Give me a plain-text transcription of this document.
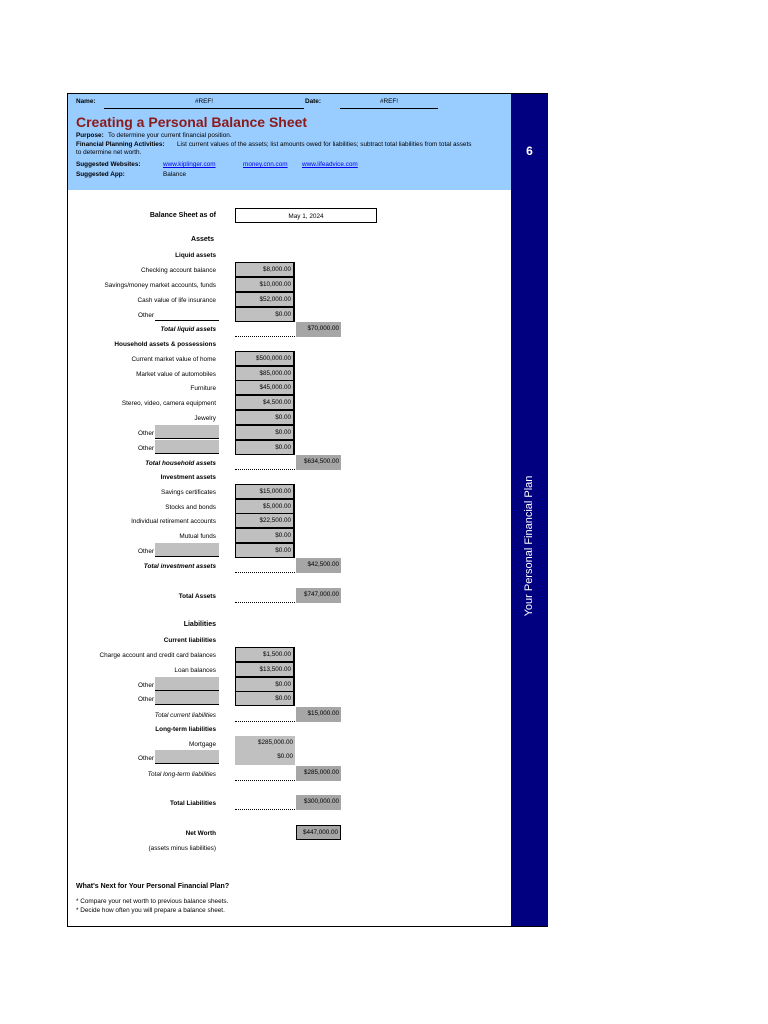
Name:	#REF!	Date:	#REF!
Creating a Personal Balance Sheet
Purpose: To determine your current financial position.
Financial Planning Activities: List current values of the assets; list amounts owed for liabilities; subtract total liabilities from total assets
to determine net worth.
Suggested Websites:	www.kiplinger.com	money.cnn.com www.lifeadvice.com
Suggested App:	Balance
6
Your Personal Financial Plan
Balance Sheet as of	May 1, 2024
Assets
Liquid assets
Checking account balance	$8,000.00
Savings/money market accounts, funds	$10,000.00
Cash value of life insurance	$52,000.00
Other	$0.00
Total liquid assets	$70,000.00
Household assets & possessions
Current market value of home	$500,000.00
Market value of automobiles	$85,000.00
Furniture	$45,000.00
Stereo, video, camera equipment	$4,500.00
Jewelry	$0.00
Other	$0.00
Other	$0.00
Total household assets	$634,500.00
Investment assets
Savings certificates	$15,000.00
Stocks and bonds	$5,000.00
Individual retirement accounts	$22,500.00
Mutual funds	$0.00
Other	$0.00
Total investment assets	$42,500.00
Total Assets	$747,000.00
Liabilities
Current liabilities
Charge account and credit card balances	$1,500.00
Loan balances	$13,500.00
Other	$0.00
Other	$0.00
Total current liabilities	$15,000.00
Long-term liabilities
Mortgage	$285,000.00
Other	$0.00
Total long-term liabilities	$285,000.00
Total Liabilities	$300,000.00
Net Worth	$447,000.00
(assets minus liabilities)
What's Next for Your Personal Financial Plan?
* Compare your net worth to previous balance sheets.
* Decide how often you will prepare a balance sheet.
